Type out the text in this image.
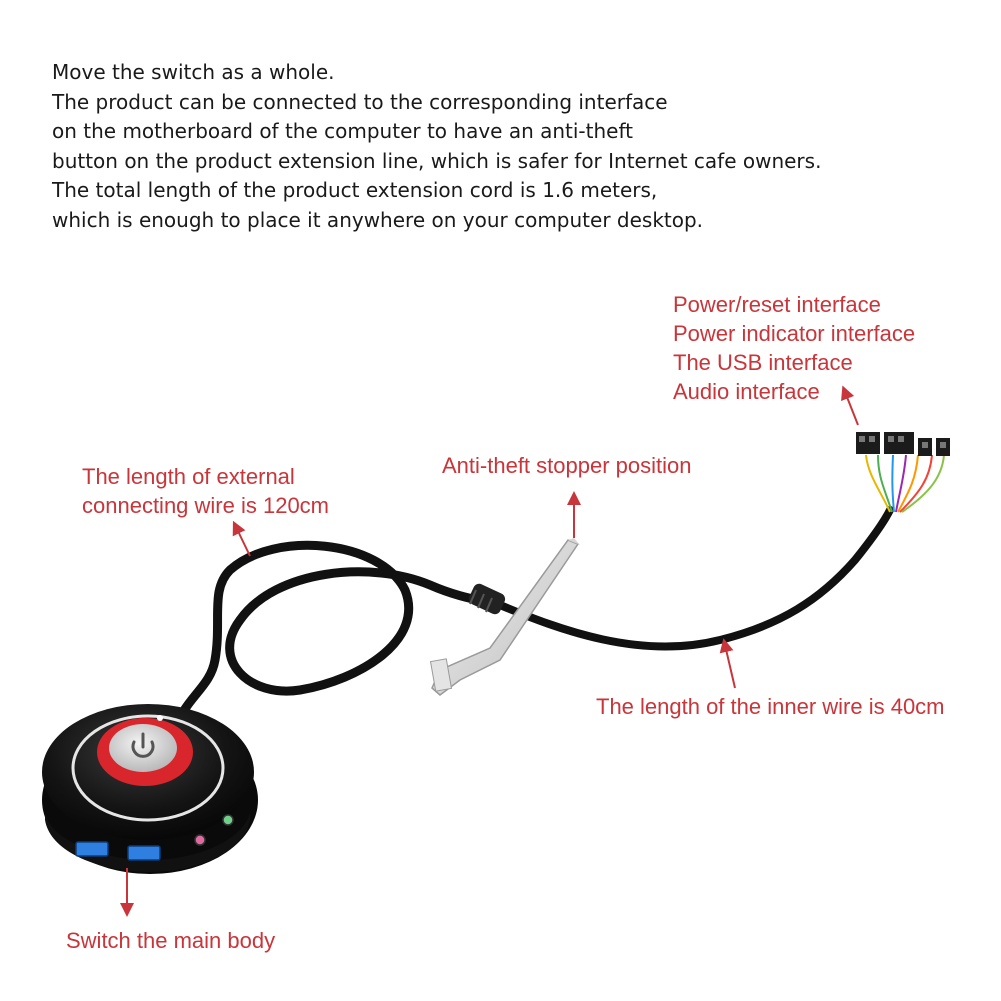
Move the switch as a whole.
The product can be connected to the corresponding interface
on the motherboard of the computer to have an anti-theft
button on the product extension line, which is safer for Internet cafe owners.
The total length of the product extension cord is 1.6 meters,
which is enough to place it anywhere on your computer desktop.
Power/reset interface
Power indicator interface
The USB interface
Audio interface
The length of external
connecting wire is 120cm
Anti-theft stopper position
The length of the inner wire is 40cm
Switch the main body
